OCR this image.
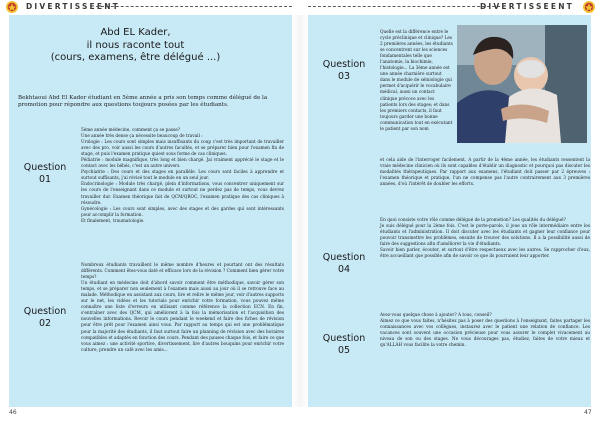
DIVERTISSEENT	DIVERTISSEENT
Abd EL Kader,
il nous raconte tout
(cours, examens, être délégué ...)
Bekhtaoui Abd El Kader étudiant en 5ème année a pris son temps comme délégué de la promotion pour répondre aux questions toujours posées par les étudiants.
Question
01

5ème année médecine, comment ça se passe?

Une année très dense ça nécessite beaucoup de travail :

Urologie : Les cours sont simples mais insuffisants du coup c'est très important de travailler avec des pro, voir aussi les cours d'autres facultés, et se préparer bien pour l'examen fin de stage, et puis l'examen pratique quiest sous forme de cas cliniques.

Pédiatrie : module magnifique, très long et bien chargé. Jai vraiment apprécié le stage et le contact avec les bébés, c'est un autre univers.

Psychiatrie : Des cours et des stages en parallèle. Les cours sont faciles à apprendre et surtout suffisants, j'ai révisé tout le module en un seul jour.

Endocrinologie : Module très chargé, plein d'informations, vous concentrer uniquement sur les cours de l'enseignant dans ce module et surtout ne perdez pas de temps, vous devrez travailler dur. Examen théorique fait de QCM/QROC, l'examen pratique des cas cliniques à résoudre.

Gynécologie : Les cours sont simples, avec des stages et des gardes qui sont intéressants pour accomplir la formation.

Et finalement, traumatologie.

Question
02

Nombreux étudiants travaillent le même nombre d'heures et pourtant ont des résultats différents. Comment êtes-vous daté et efficace lors de la révision ? Comment bien gérer votre temps?

Un étudiant en médecine doit d'abord savoir comment être méthodique, savoir gérer son temps, et se préparer non seulement à l'examen mais aussi au jour où il se retrouve face au malade. Méthodique en assistant aux cours, lire et relire le même jour, voir d'autres supports sur le net, les vidéos et les tutorials pour enrichir votre formation, vous pouvez même connaître une liste d'erreurs en utilisant comme référence la collection ECN. En fin, s'entraîner avec des QCM, qui améliorent à la fois la mémorisation et l'acquisition des nouvelles informations. Revoir le cours pendant le weekend et faire des fiches de révision pour être prêt pour l'examen ainsi vous. Par rapport au temps qui est une problématique pour la majorité des étudiants, il faut surtout faire un planning de révision avec des horaires compatibles et adaptés en fonction des cours. Pendant des pauses chaque fois, et faire ce que vous aimez : une activité sportive, divertissement, lire d'autres bouquins pour enrichir votre culture, prendre un café avec les amis...

Question
03
Quelle est la différence entre le cycle préclinique et clinique? Les 2 premières années, les étudiants se concentrent sur les sciences fondamentales telle que l'anatomie, la biochimie, l'histologie... La 3ème année est une année charnière surtout dans le module de sémiologie qui permet d'acquérir le vocabulaire médical, aussi un contact clinique précoce avec les patients lors des stages; et dans les premiers contacts, il faut toujours garder une bonne communication tout en exécutant le patient par son nom
et cela aide de l'interroger facilement. A partir de la 4ème année, les étudiants ressentent la vraie médecine clinicien où ils sont capables d'établir un diagnostic et pourquoi pas discuter les modalités thérapeutiques. Par rapport aux examens, l'étudiant doit passer par 2 épreuves : l'examen théorique et pratique, l'un ne compense pas l'autre contrairement aux 3 premières années, d'où l'intérêt de doubler les efforts.
Question
04

En quoi consiste votre rôle comme délégué de la promotion? Les qualités du délégué?

Je suis délégué pour la 2ème fois. C'est le porte-parole, il joue un rôle intermédiaire entre les étudiants et l'administration. Il doit discuter avec les étudiants et gagner leur confiance pour pouvoir transmettre les problèmes, ensuite de trouver des solutions. Il a la possibilité aussi de faire des suggestions afin d'améliorer la vie d'étudiants.

Savoir bien parler, écouter, et surtout d'être respectueux avec les autres. Se rapprocher d'eux, être accueillant que possible afin de savoir ce que ils pourraient leur apporter.

Question
05

Avez-vous quelque chose à ajouter? A tous, conseil?

Aimez ce que vous faites, n'hésitez pas à poser des questions à l'enseignant, faites partager les connaissances avec vos collègues, instaurez avec le patient une relation de confiance. Les vacances sont souvent une occasion précieuse pour vous assurer le complet vivacement au niveau de son ou des stages. Ne vous décourages pas, étudiez, faites de votre mieux et qu'ALLAH vous facilite la votre chemin.

46	47
